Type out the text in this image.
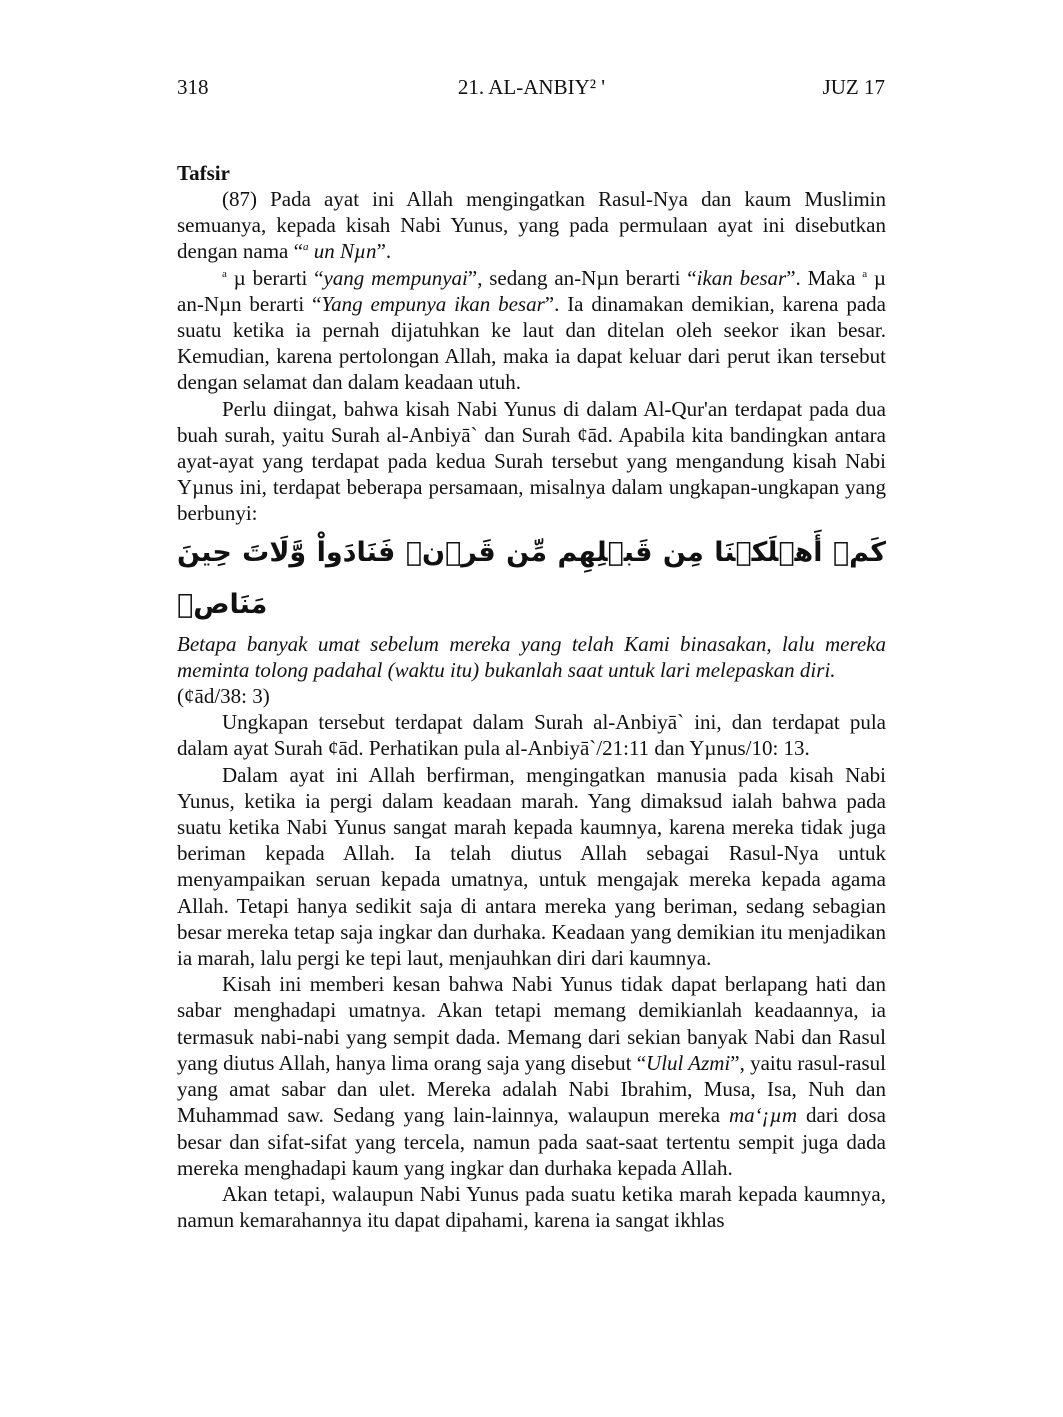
318	21. AL-ANBIY² '	JUZ 17

Tafsir

(87) Pada ayat ini Allah mengingatkan Rasul-Nya dan kaum Muslimin semuanya, kepada kisah Nabi Yunus, yang pada permulaan ayat ini disebutkan dengan nama “$^a$ un Nµn”.

$^a$ µ berarti “yang mempunyai”, sedang an-Nµn berarti “ikan besar”. Maka $^a$ µ an-Nµn berarti “Yang empunya ikan besar”. Ia dinamakan demikian, karena pada suatu ketika ia pernah dijatuhkan ke laut dan ditelan oleh seekor ikan besar. Kemudian, karena pertolongan Allah, maka ia dapat keluar dari perut ikan tersebut dengan selamat dan dalam keadaan utuh.

Perlu diingat, bahwa kisah Nabi Yunus di dalam Al-Qur'an terdapat pada dua buah surah, yaitu Surah al-Anbiyā` dan Surah ¢ād. Apabila kita bandingkan antara ayat-ayat yang terdapat pada kedua Surah tersebut yang mengandung kisah Nabi Yµnus ini, terdapat beberapa persamaan, misalnya dalam ungkapan-ungkapan yang berbunyi:

كَمۡ أَهۡلَكۡنَا مِن قَبۡلِهِم مِّن قَرۡنٖ فَنَادَواْ وَّلَاتَ حِينَ مَنَاصٖ

Betapa banyak umat sebelum mereka yang telah Kami binasakan, lalu mereka meminta tolong padahal (waktu itu) bukanlah saat untuk lari melepaskan diri.
(¢ād/38: 3)

Ungkapan tersebut terdapat dalam Surah al-Anbiyā` ini, dan terdapat pula dalam ayat Surah ¢ād. Perhatikan pula al-Anbiyā`/21:11 dan Yµnus/10: 13.

Dalam ayat ini Allah berfirman, mengingatkan manusia pada kisah Nabi Yunus, ketika ia pergi dalam keadaan marah. Yang dimaksud ialah bahwa pada suatu ketika Nabi Yunus sangat marah kepada kaumnya, karena mereka tidak juga beriman kepada Allah. Ia telah diutus Allah sebagai Rasul-Nya untuk menyampaikan seruan kepada umatnya, untuk mengajak mereka kepada agama Allah. Tetapi hanya sedikit saja di antara mereka yang beriman, sedang sebagian besar mereka tetap saja ingkar dan durhaka. Keadaan yang demikian itu menjadikan ia marah, lalu pergi ke tepi laut, menjauhkan diri dari kaumnya.

Kisah ini memberi kesan bahwa Nabi Yunus tidak dapat berlapang hati dan sabar menghadapi umatnya. Akan tetapi memang demikianlah keadaannya, ia termasuk nabi-nabi yang sempit dada. Memang dari sekian banyak Nabi dan Rasul yang diutus Allah, hanya lima orang saja yang disebut “Ulul Azmi”, yaitu rasul-rasul yang amat sabar dan ulet. Mereka adalah Nabi Ibrahim, Musa, Isa, Nuh dan Muhammad saw. Sedang yang lain-lainnya, walaupun mereka ma‘¡µm dari dosa besar dan sifat-sifat yang tercela, namun pada saat-saat tertentu sempit juga dada mereka menghadapi kaum yang ingkar dan durhaka kepada Allah.

Akan tetapi, walaupun Nabi Yunus pada suatu ketika marah kepada kaumnya, namun kemarahannya itu dapat dipahami, karena ia sangat ikhlas
